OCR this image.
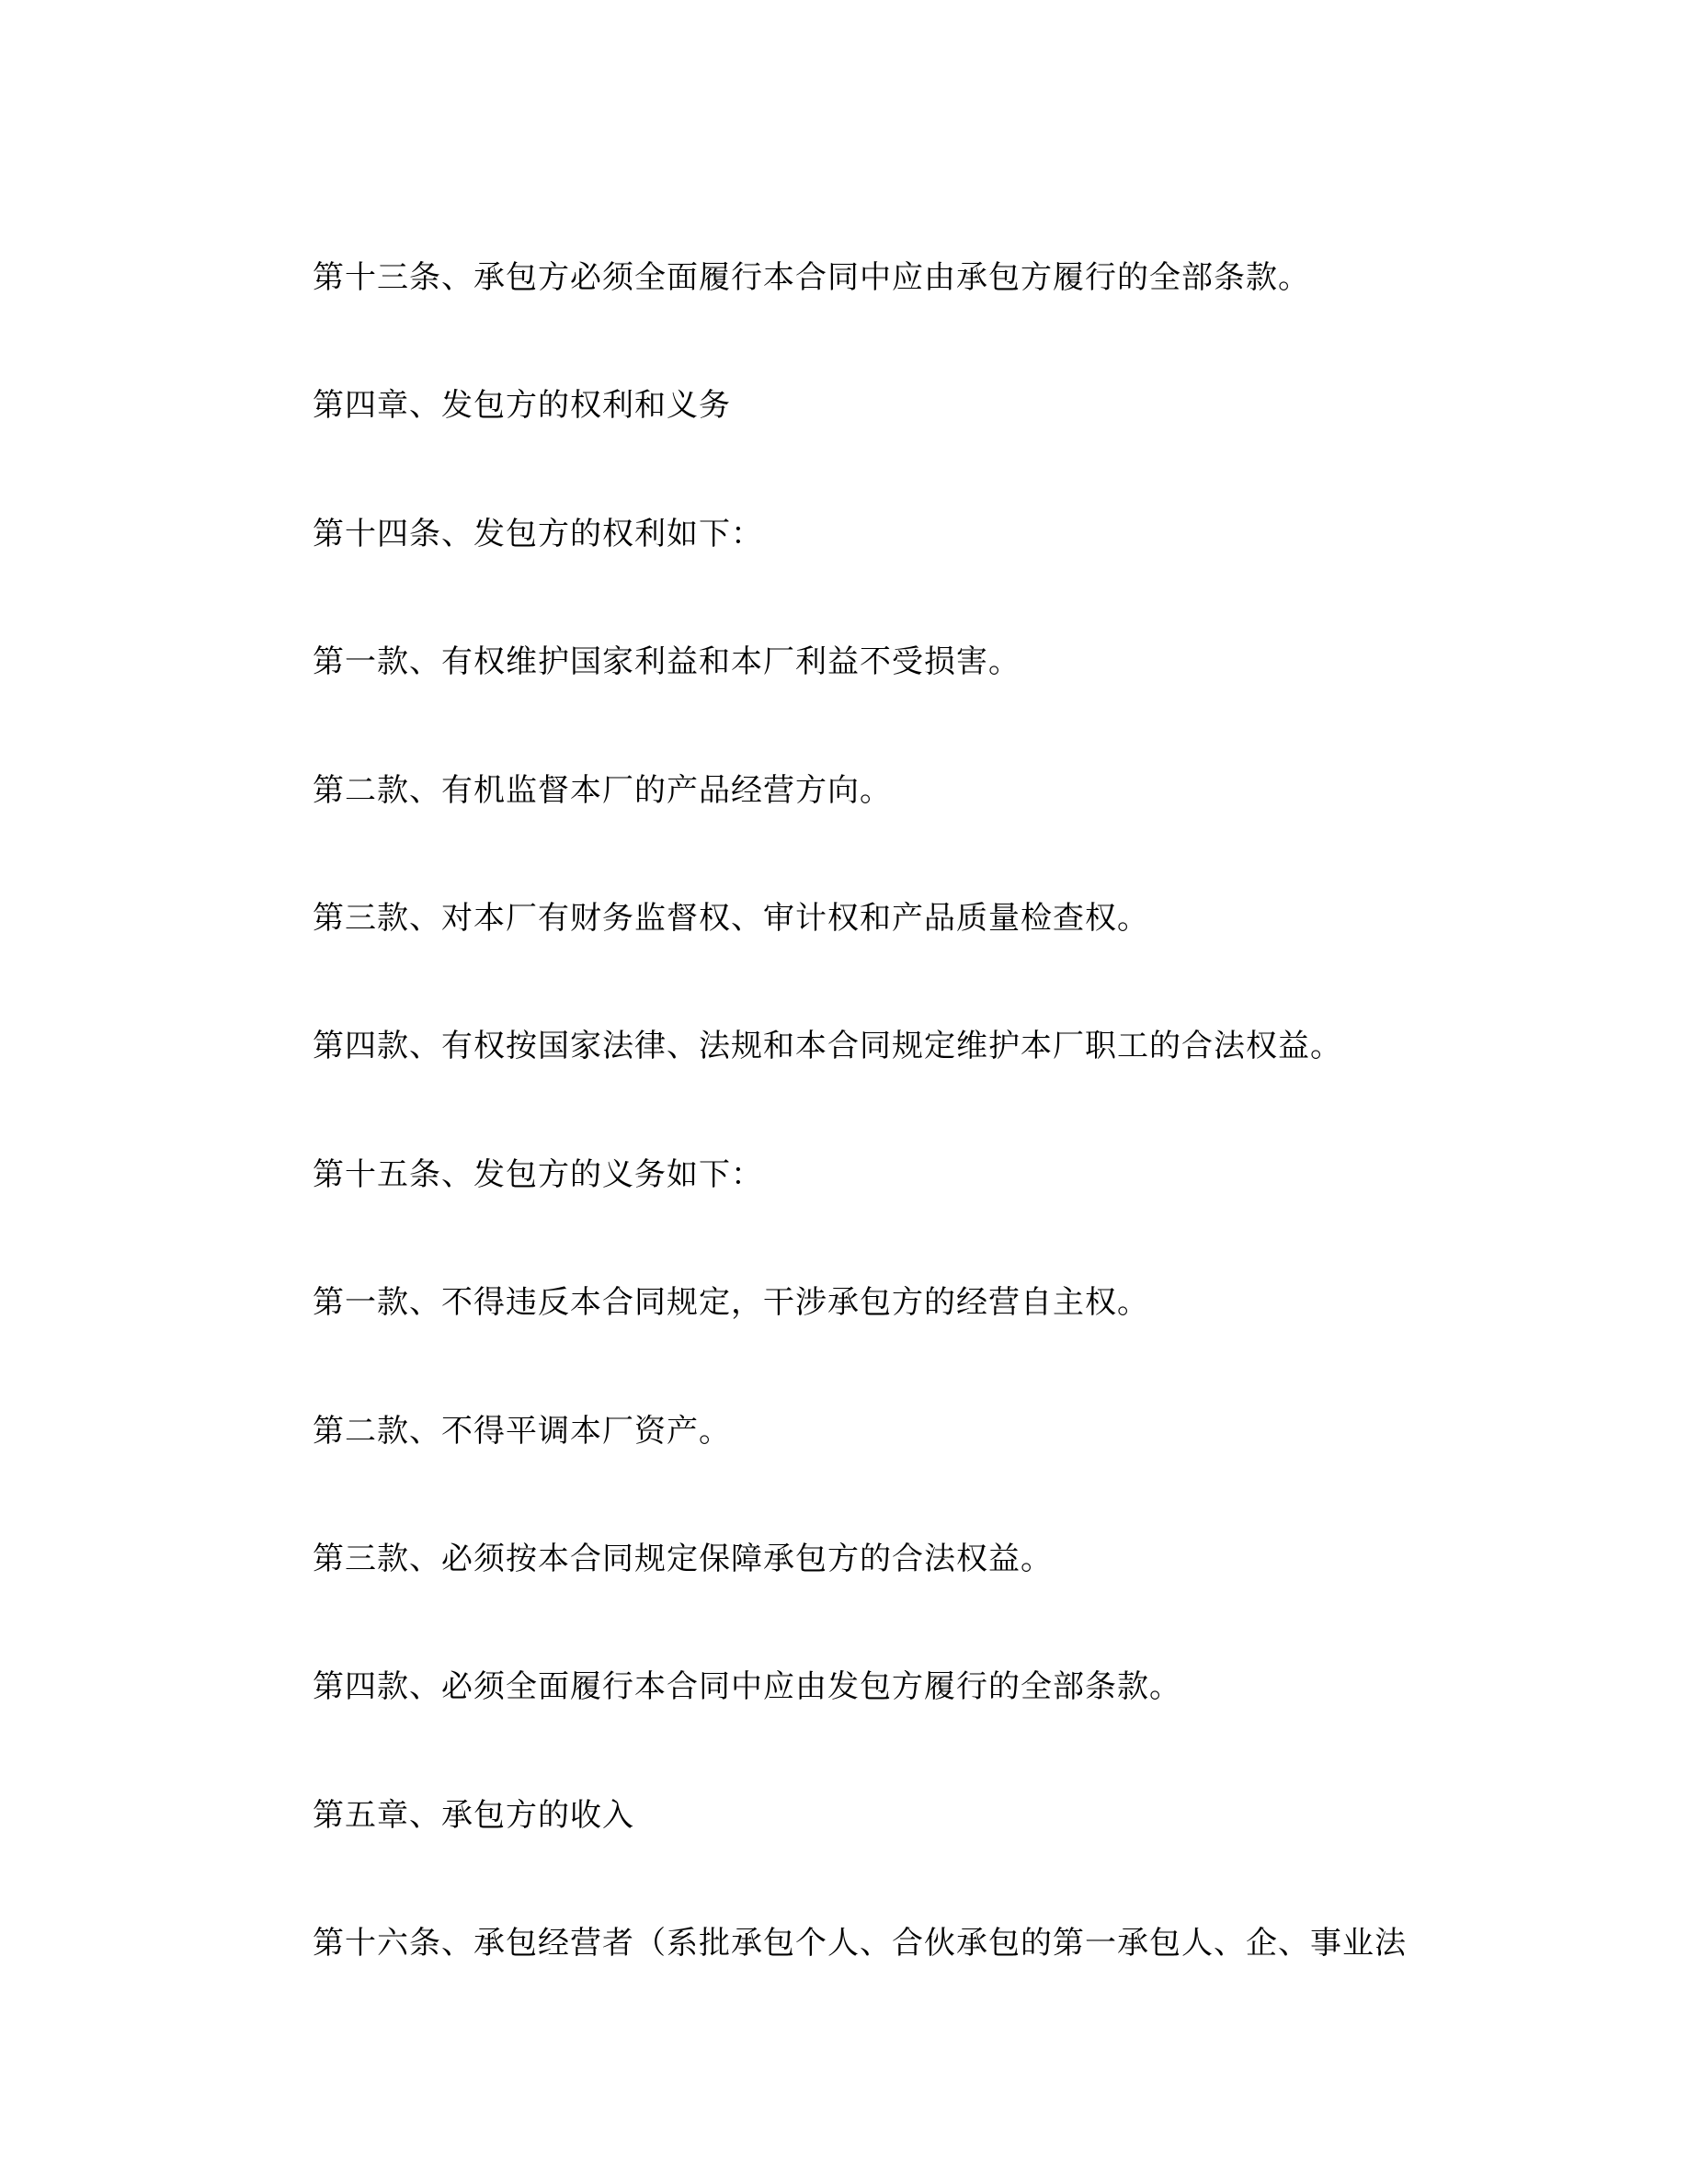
第十三条、承包方必须全面履行本合同中应由承包方履行的全部条款。

第四章、发包方的权利和义务

第十四条、发包方的权利如下：

第一款、有权维护国家利益和本厂利益不受损害。

第二款、有机监督本厂的产品经营方向。

第三款、对本厂有财务监督权、审计权和产品质量检查权。

第四款、有权按国家法律、法规和本合同规定维护本厂职工的合法权益。

第十五条、发包方的义务如下：

第一款、不得违反本合同规定，干涉承包方的经营自主权。

第二款、不得平调本厂资产。

第三款、必须按本合同规定保障承包方的合法权益。

第四款、必须全面履行本合同中应由发包方履行的全部条款。

第五章、承包方的收入

第十六条、承包经营者（系批承包个人、合伙承包的第一承包人、企、事业法
